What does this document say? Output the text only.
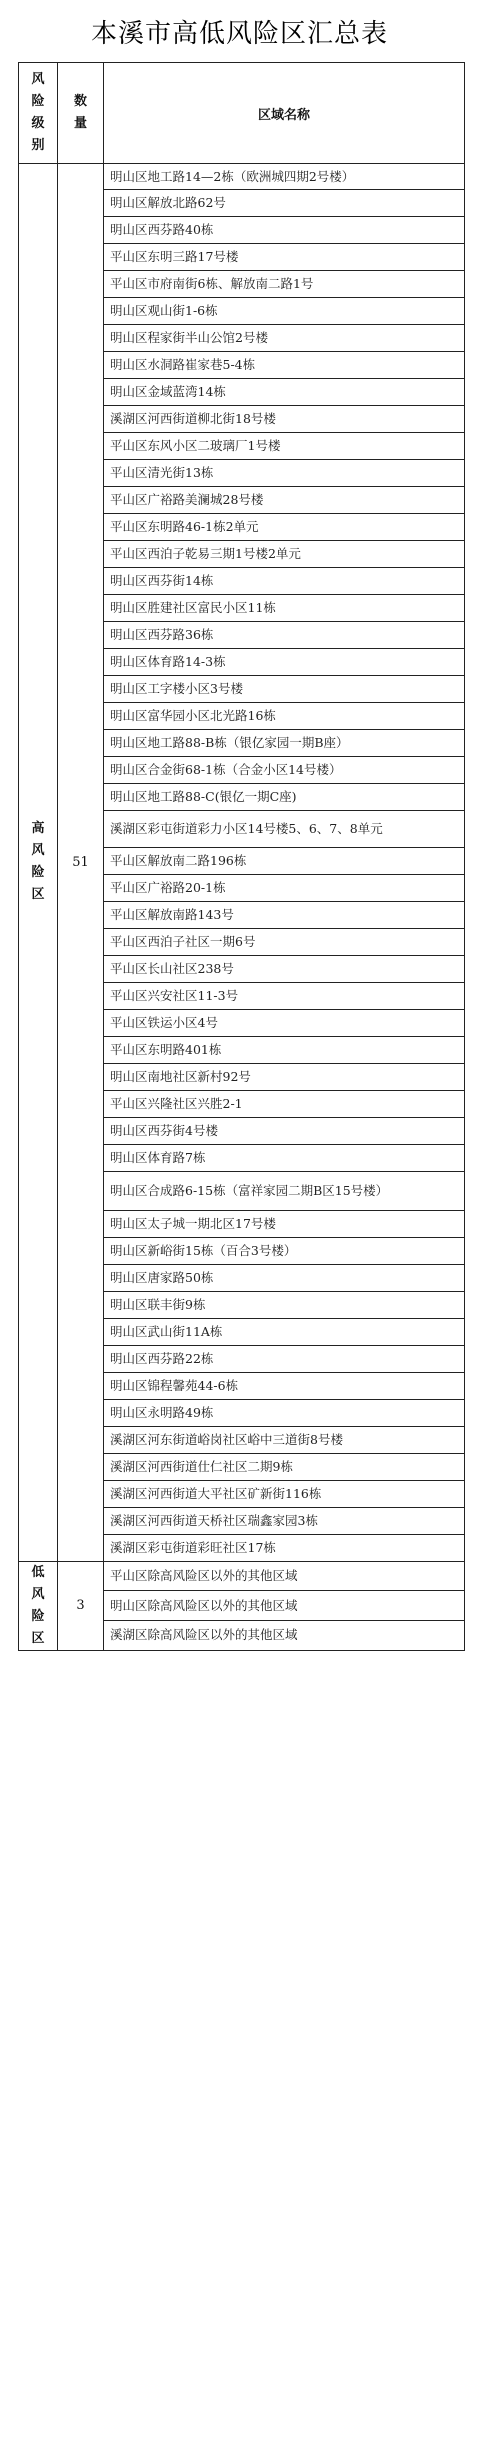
本溪市高低风险区汇总表
风险级别	数量	区域名称

高风险区	51	明山区地工路14—2栋（欧洲城四期2号楼）
		明山区解放北路62号
		明山区西芬路40栋
		平山区东明三路17号楼
		平山区市府南街6栋、解放南二路1号
		明山区观山街1-6栋
		明山区程家街半山公馆2号楼
		明山区水洞路崔家巷5-4栋
		明山区金域蓝湾14栋
		溪湖区河西街道柳北街18号楼
		平山区东风小区二玻璃厂1号楼
		平山区清光街13栋
		平山区广裕路美澜城28号楼
		平山区东明路46-1栋2单元
		平山区西泊子乾易三期1号楼2单元
		明山区西芬街14栋
		明山区胜建社区富民小区11栋
		明山区西芬路36栋
		明山区体育路14-3栋
		明山区工字楼小区3号楼
		明山区富华园小区北光路16栋
		明山区地工路88-B栋（银亿家园一期B座）
		明山区合金街68-1栋（合金小区14号楼）
		明山区地工路88-C(银亿一期C座)
		溪湖区彩屯街道彩力小区14号楼5、6、7、8单元
		平山区解放南二路196栋
		平山区广裕路20-1栋
		平山区解放南路143号
		平山区西泊子社区一期6号
		平山区长山社区238号
		平山区兴安社区11-3号
		平山区铁运小区4号
		平山区东明路401栋
		明山区南地社区新村92号
		平山区兴隆社区兴胜2-1
		明山区西芬街4号楼
		明山区体育路7栋
		明山区合成路6-15栋（富祥家园二期B区15号楼）
		明山区太子城一期北区17号楼
		明山区新峪街15栋（百合3号楼）
		明山区唐家路50栋
		明山区联丰街9栋
		明山区武山街11A栋
		明山区西芬路22栋
		明山区锦程馨苑44-6栋
		明山区永明路49栋
		溪湖区河东街道峪岗社区峪中三道街8号楼
		溪湖区河西街道仕仁社区二期9栋
		溪湖区河西街道大平社区矿新街116栋
		溪湖区河西街道天桥社区瑞鑫家园3栋
		溪湖区彩屯街道彩旺社区17栋

低风险区	3	平山区除高风险区以外的其他区域
		明山区除高风险区以外的其他区域
		溪湖区除高风险区以外的其他区域
